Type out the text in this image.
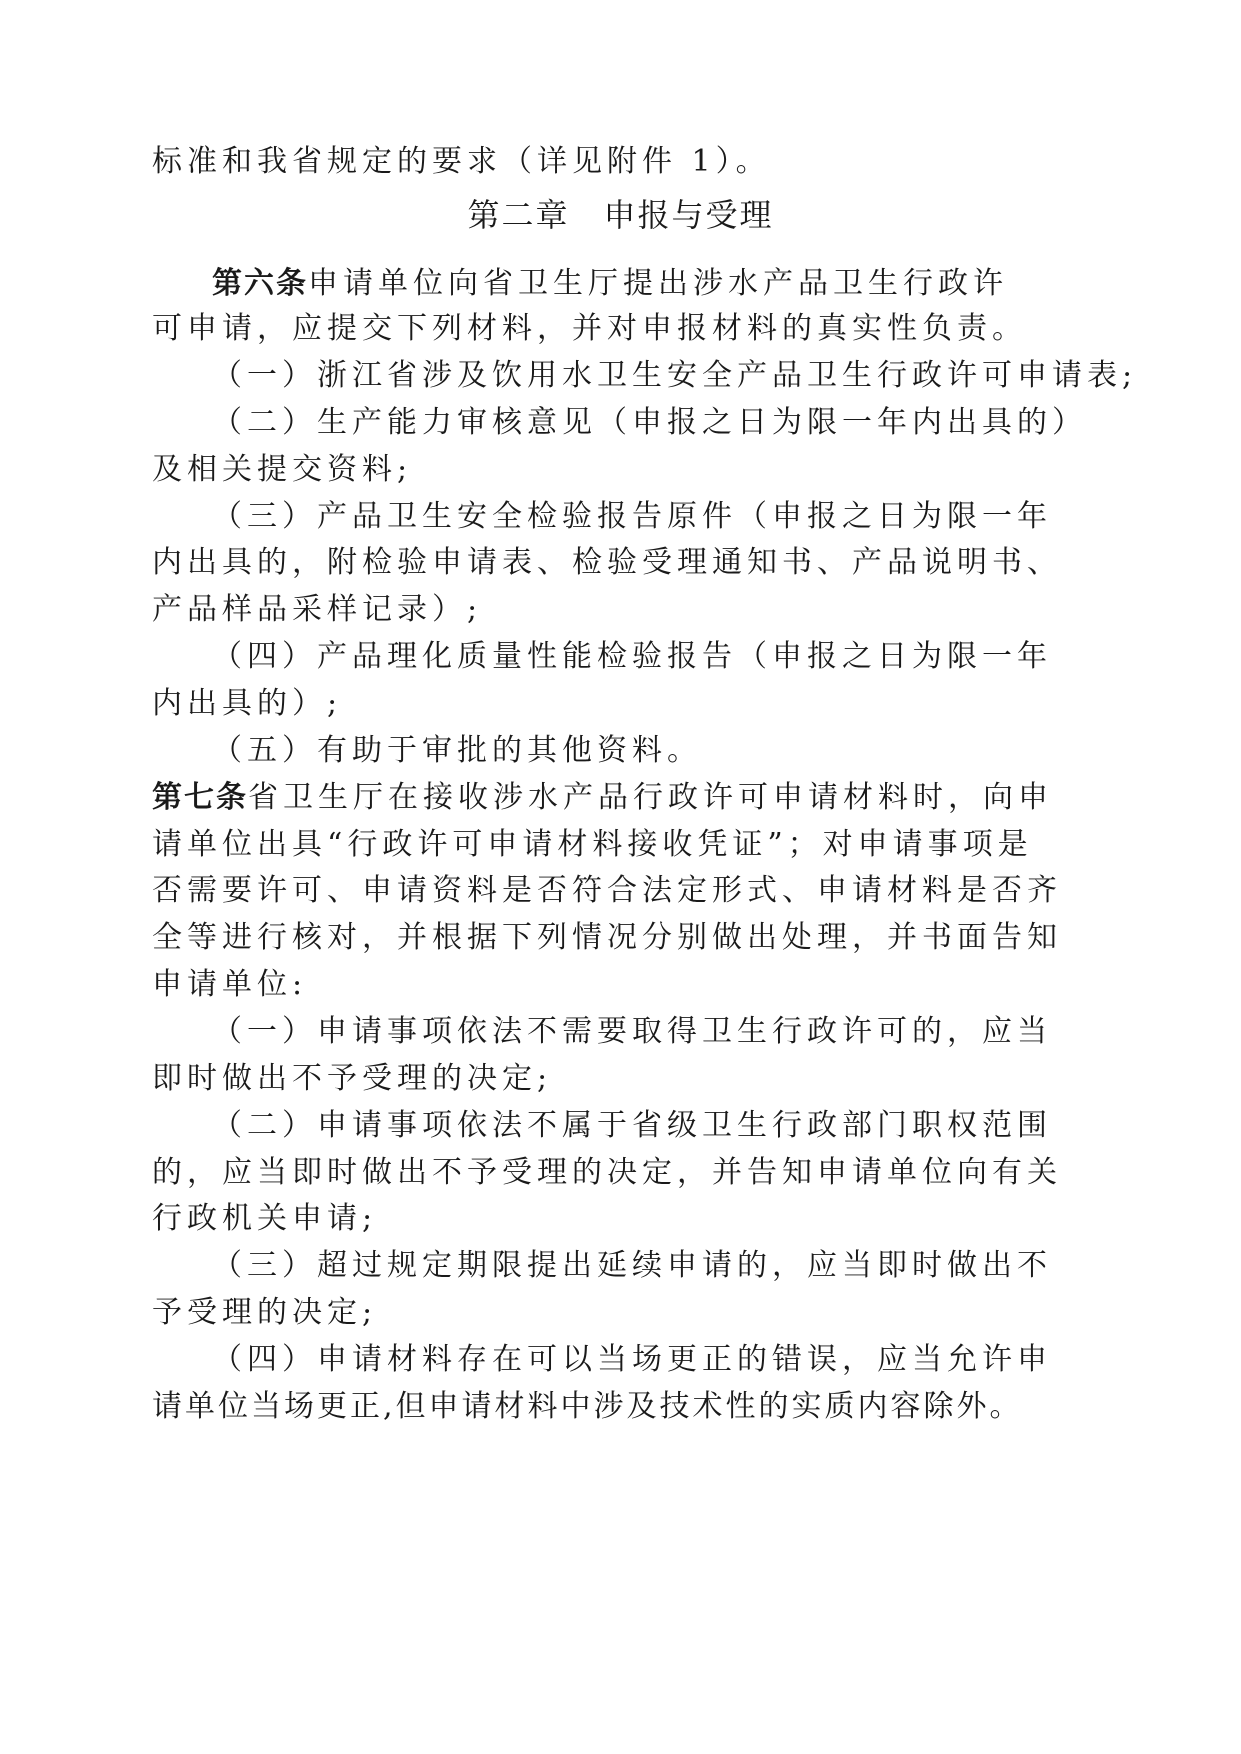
标准和我省规定的要求（详见附件 1）。
第二章　申报与受理
第六条申请单位向省卫生厅提出涉水产品卫生行政许
可申请，应提交下列材料，并对申报材料的真实性负责。
（一）浙江省涉及饮用水卫生安全产品卫生行政许可申请表;
（二）生产能力审核意见（申报之日为限一年内出具的）
及相关提交资料;
（三）产品卫生安全检验报告原件（申报之日为限一年
内出具的，附检验申请表、检验受理通知书、产品说明书、
产品样品采样记录）;
（四）产品理化质量性能检验报告（申报之日为限一年
内出具的）;
（五）有助于审批的其他资料。
第七条省卫生厅在接收涉水产品行政许可申请材料时，向申
请单位出具“行政许可申请材料接收凭证”；对申请事项是
否需要许可、申请资料是否符合法定形式、申请材料是否齐
全等进行核对，并根据下列情况分别做出处理，并书面告知
申请单位:
（一）申请事项依法不需要取得卫生行政许可的，应当
即时做出不予受理的决定;
（二）申请事项依法不属于省级卫生行政部门职权范围
的，应当即时做出不予受理的决定，并告知申请单位向有关
行政机关申请;
（三）超过规定期限提出延续申请的，应当即时做出不
予受理的决定;
（四）申请材料存在可以当场更正的错误，应当允许申
请单位当场更正,但申请材料中涉及技术性的实质内容除外。
